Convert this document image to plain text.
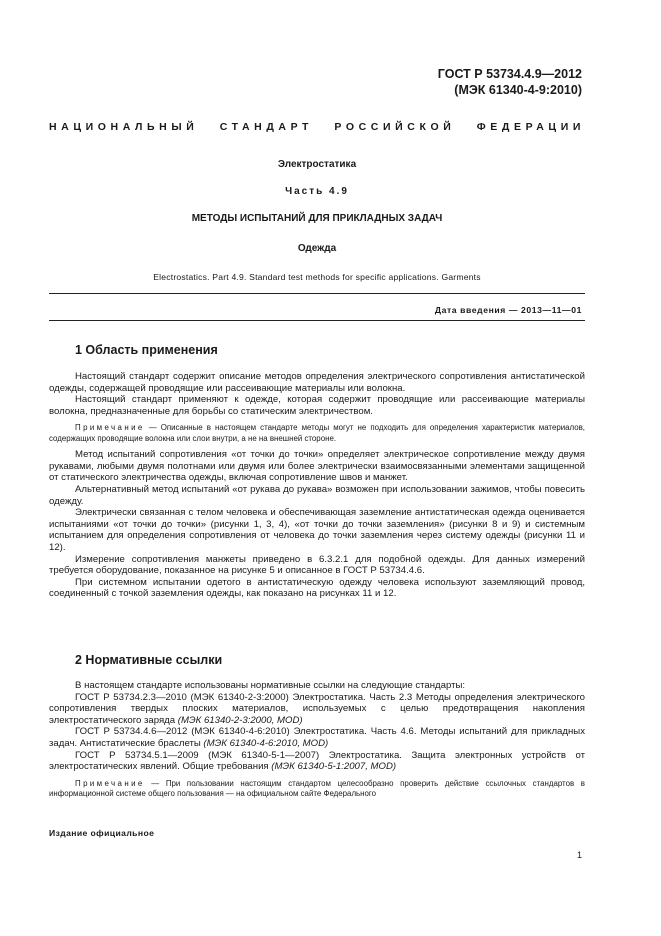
ГОСТ Р 53734.4.9—2012
(МЭК 61340-4-9:2010)
НАЦИОНАЛЬНЫЙ СТАНДАРТ РОССИЙСКОЙ ФЕДЕРАЦИИ
Электростатика
Часть 4.9
МЕТОДЫ ИСПЫТАНИЙ ДЛЯ ПРИКЛАДНЫХ ЗАДАЧ
Одежда
Electrostatics. Part 4.9. Standard test methods for specific applications. Garments
Дата введения — 2013—11—01
1 Область применения

Настоящий стандарт содержит описание методов определения электрического сопротивления антистатической одежды, содержащей проводящие или рассеивающие материалы или волокна.

Настоящий стандарт применяют к одежде, которая содержит проводящие или рассеивающие материалы волокна, предназначенные для борьбы со статическим электричеством.

Примечание — Описанные в настоящем стандарте методы могут не подходить для определения характеристик материалов, содержащих проводящие волокна или слои внутри, а не на внешней стороне.

Метод испытаний сопротивления «от точки до точки» определяет электрическое сопротивление между двумя рукавами, любыми двумя полотнами или двумя или более электрически взаимосвязанными элементами защищенной от статического электричества одежды, включая сопротивление швов и манжет.

Альтернативный метод испытаний «от рукава до рукава» возможен при использовании зажимов, чтобы повесить одежду.

Электрически связанная с телом человека и обеспечивающая заземление антистатическая одежда оценивается испытаниями «от точки до точки» (рисунки 1, 3, 4), «от точки до точки заземления» (рисунки 8 и 9) и системным испытанием для определения сопротивления от человека до точки заземления через систему одежды (рисунки 11 и 12).

Измерение сопротивления манжеты приведено в 6.3.2.1 для подобной одежды. Для данных измерений требуется оборудование, показанное на рисунке 5 и описанное в ГОСТ Р 53734.4.6.

При системном испытании одетого в антистатическую одежду человека используют заземляющий провод, соединенный с точкой заземления одежды, как показано на рисунках 11 и 12.

2 Нормативные ссылки

В настоящем стандарте использованы нормативные ссылки на следующие стандарты:

ГОСТ Р 53734.2.3—2010 (МЭК 61340-2-3:2000) Электростатика. Часть 2.3 Методы определения электрического сопротивления твердых плоских материалов, используемых с целью предотвращения накопления электростатического заряда (МЭК 61340-2-3:2000, MOD)

ГОСТ Р 53734.4.6—2012 (МЭК 61340-4-6:2010) Электростатика. Часть 4.6. Методы испытаний для прикладных задач. Антистатические браслеты (МЭК 61340-4-6:2010, MOD)

ГОСТ Р 53734.5.1—2009 (МЭК 61340-5-1—2007) Электростатика. Защита электронных устройств от электростатических явлений. Общие требования (МЭК 61340-5-1:2007, MOD)

Примечание — При пользовании настоящим стандартом целесообразно проверить действие ссылочных стандартов в информационной системе общего пользования — на официальном сайте Федерального

Издание официальное
1
